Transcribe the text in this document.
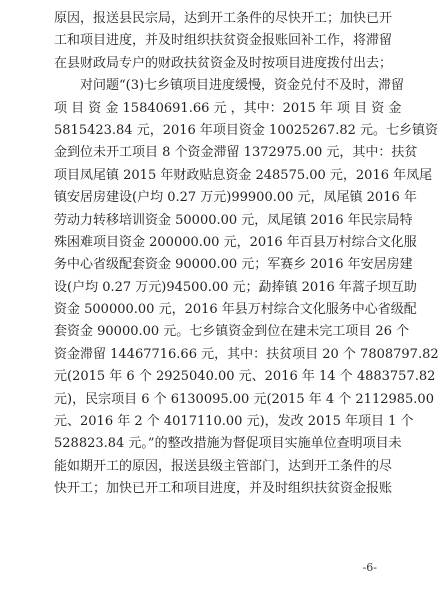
原因，报送县民宗局，达到开工条件的尽快开工；加快已开
工和项目进度，并及时组织扶贫资金报账回补工作，将滞留
在县财政局专户的财政扶贫资金及时按项目进度拨付出去；
对问题“(3)七乡镇项目进度缓慢，资金兑付不及时，滞留
项 目 资 金 15840691.66 元 ，其中：2015 年 项 目 资 金
5815423.84 元，2016 年项目资金 10025267.82 元。七乡镇资
金到位未开工项目 8 个资金滞留 1372975.00 元，其中：扶贫
项目凤尾镇 2015 年财政贴息资金 248575.00 元，2016 年凤尾
镇安居房建设(户均 0.27 万元)99900.00 元，凤尾镇 2016 年
劳动力转移培训资金 50000.00 元，凤尾镇 2016 年民宗局特
殊困难项目资金 200000.00 元，2016 年百县万村综合文化服
务中心省级配套资金 90000.00 元；军赛乡 2016 年安居房建
设(户均 0.27 万元)94500.00 元；勐捧镇 2016 年蒿子坝互助
资金 500000.00 元，2016 年县万村综合文化服务中心省级配
套资金 90000.00 元。七乡镇资金到位在建未完工项目 26 个
资金滞留 14467716.66 元，其中：扶贫项目 20 个 7808797.82
元(2015 年 6 个 2925040.00 元、2016 年 14 个 4883757.82
元)，民宗项目 6 个 6130095.00 元(2015 年 4 个 2112985.00
元、2016 年 2 个 4017110.00 元)，发改 2015 年项目 1 个
528823.84 元。”的整改措施为督促项目实施单位查明项目未
能如期开工的原因，报送县级主管部门，达到开工条件的尽
快开工；加快已开工和项目进度，并及时组织扶贫资金报账
-6-
